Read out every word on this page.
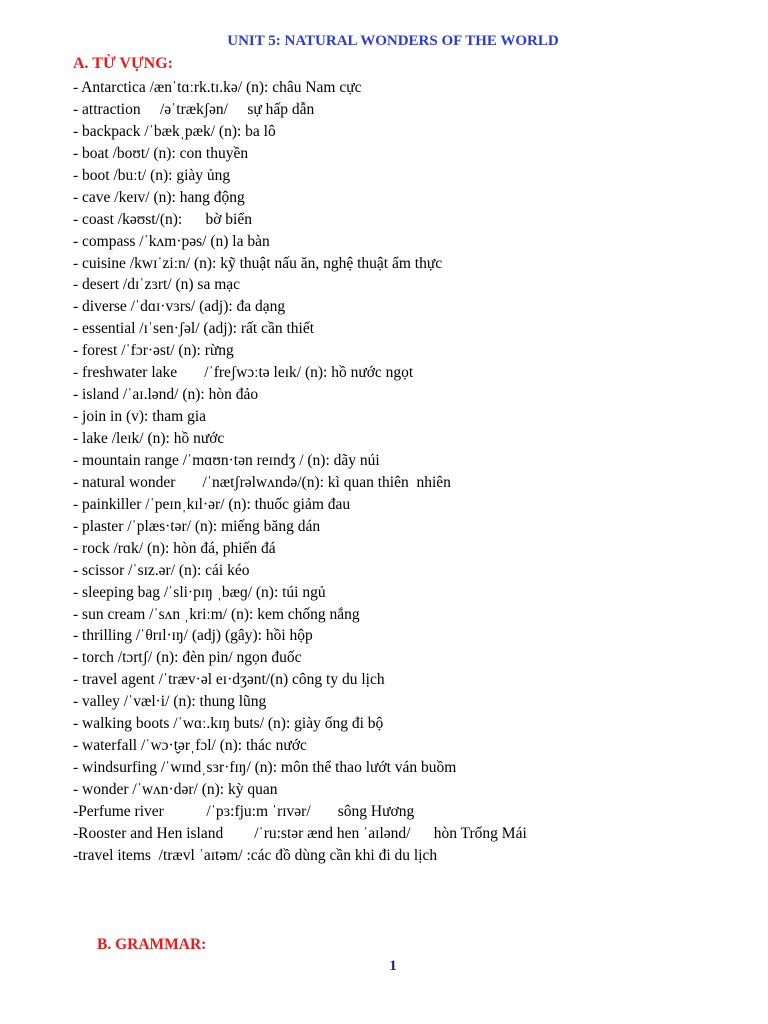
UNIT 5: NATURAL WONDERS OF THE WORLD
A. TỪ VỰNG:
- Antarctica /ænˈtɑːrk.tɪ.kə/ (n): châu Nam cực
- attraction     /əˈtrækʃən/     sự hấp dẫn
- backpack /ˈbækˌpæk/ (n): ba lô
- boat /boʊt/ (n): con thuyền
- boot /buːt/ (n): giày ủng
- cave /keɪv/ (n): hang động
- coast /kəʊst/(n):      bờ biển
- compass /ˈkʌm·pəs/ (n) la bàn
- cuisine /kwɪˈziːn/ (n): kỹ thuật nấu ăn, nghệ thuật ẩm thực
- desert /dɪˈzɜrt/ (n) sa mạc
- diverse /ˈdɑɪ·vɜrs/ (adj): đa dạng
- essential /ɪˈsen·ʃəl/ (adj): rất cần thiết
- forest /ˈfɔr·əst/ (n): rừng
- freshwater lake       /ˈfreʃwɔːtə leɪk/ (n): hồ nước ngọt
- island /ˈaɪ.lənd/ (n): hòn đảo
- join in (v): tham gia
- lake /leɪk/ (n): hồ nước
- mountain range /ˈmɑʊn·tən reɪndʒ / (n): dãy núi
- natural wonder       /ˈnætʃrəlwʌndə/(n): kì quan thiên  nhiên
- painkiller /ˈpeɪnˌkɪl·ər/ (n): thuốc giảm đau
- plaster /ˈplæs·tər/ (n): miếng băng dán
- rock /rɑk/ (n): hòn đá, phiến đá
- scissor /ˈsɪz.ər/ (n): cái kéo
- sleeping bag /ˈsli·pɪŋ ˌbæɡ/ (n): túi ngủ
- sun cream /ˈsʌn ˌkriːm/ (n): kem chống nắng
- thrilling /ˈθrɪl·ɪŋ/ (adj) (gây): hồi hộp
- torch /tɔrtʃ/ (n): đèn pin/ ngọn đuốc
- travel agent /ˈtræv·əl eɪ·dʒənt/(n) công ty du lịch
- valley /ˈvæl·i/ (n): thung lũng
- walking boots /ˈwɑː.kɪŋ buts/ (n): giày ống đi bộ
- waterfall /ˈwɔ·t̬ərˌfɔl/ (n): thác nước
- windsurfing /ˈwɪndˌsɜr·fɪŋ/ (n): môn thể thao lướt ván buồm
- wonder /ˈwʌn·dər/ (n): kỳ quan
-Perfume river           /ˈpɜ:fju:m ˈrɪvər/       sông Hương
-Rooster and Hen island        /ˈru:stər ænd hen ˈaɪlənd/      hòn Trống Mái
-travel items  /trævl ˈaɪtəm/ :các đồ dùng cần khi đi du lịch
B. GRAMMAR:
1
